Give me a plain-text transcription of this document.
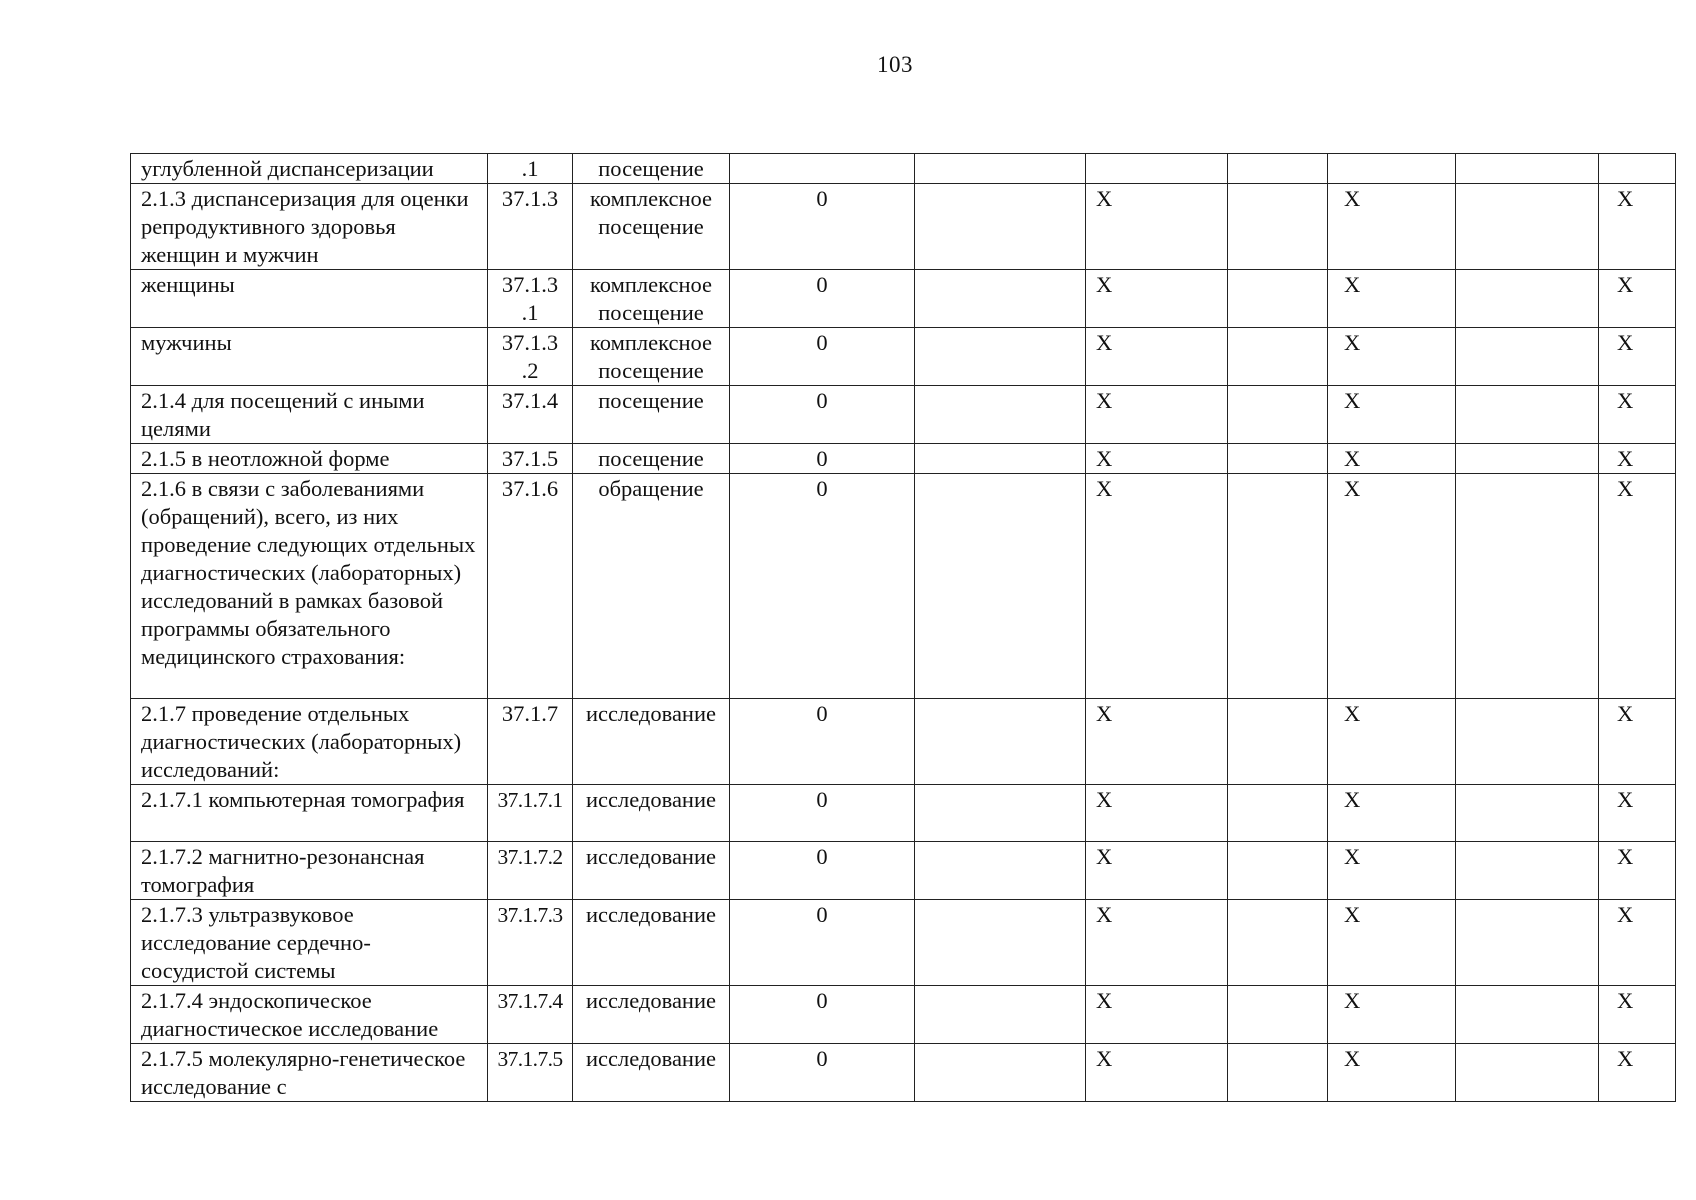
103
углубленной диспансеризации	.1	посещение							
2.1.3 диспансеризация для оценки репродуктивного здоровья женщин и мужчин	37.1.3	комплексное посещение	0		Х		Х		Х
женщины	37.1.3 .1	комплексное посещение	0		Х		Х		Х
мужчины	37.1.3 .2	комплексное посещение	0		Х		Х		Х
2.1.4 для посещений с иными целями	37.1.4	посещение	0		Х		Х		Х
2.1.5 в неотложной форме	37.1.5	посещение	0		Х		Х		Х
2.1.6 в связи с заболеваниями (обращений), всего, из них проведение следующих отдельных диагностических (лабораторных) исследований в рамках базовой программы обязательного медицинского страхования:	37.1.6	обращение	0		Х		Х		Х
2.1.7 проведение отдельных диагностических (лабораторных) исследований:	37.1.7	исследование	0		Х		Х		Х
2.1.7.1 компьютерная томография	37.1.7.1	исследование	0		Х		Х		Х
2.1.7.2 магнитно-резонансная томография	37.1.7.2	исследование	0		Х		Х		Х
2.1.7.3 ультразвуковое исследование сердечно-сосудистой системы	37.1.7.3	исследование	0		Х		Х		Х
2.1.7.4 эндоскопическое диагностическое исследование	37.1.7.4	исследование	0		Х		Х		Х
2.1.7.5 молекулярно-генетическое исследование с	37.1.7.5	исследование	0		Х		Х		Х
